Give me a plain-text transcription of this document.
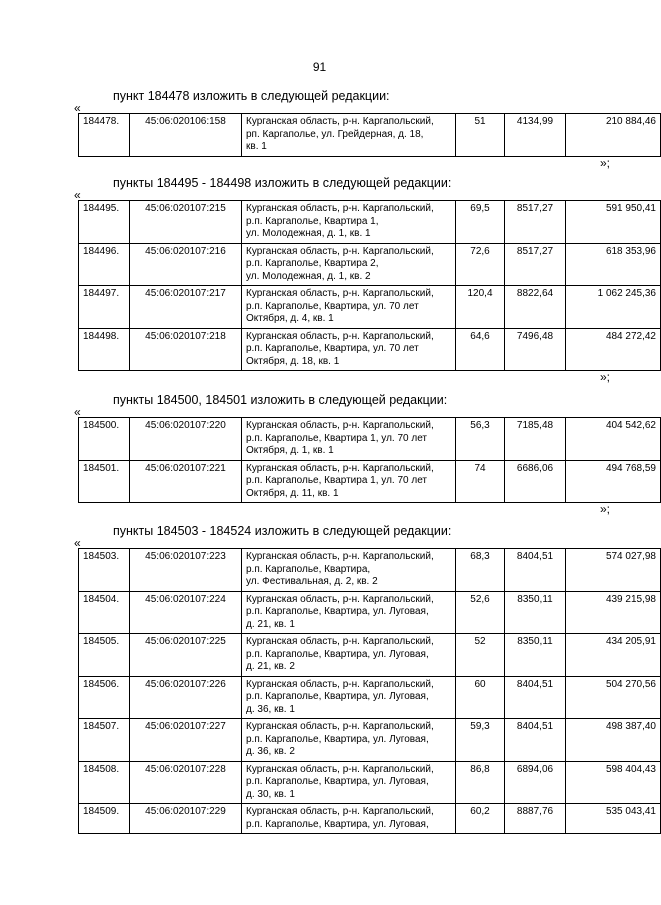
91
пункт 184478 изложить в следующей редакции:
«
184478.	45:06:020106:158	Курганская область, р-н. Каргапольский,
рп. Каргаполье, ул. Грейдерная, д. 18,
кв. 1
	51	4134,99	210 884,46
»;
пункты 184495 - 184498 изложить в следующей редакции:
«
184495.	45:06:020107:215	Курганская область, р-н. Каргапольский,
р.п. Каргаполье, Квартира 1,
ул. Молодежная, д. 1, кв. 1	69,5	8517,27	591 950,41
184496.	45:06:020107:216	Курганская область, р-н. Каргапольский,
р.п. Каргаполье, Квартира 2,
ул. Молодежная, д. 1, кв. 2	72,6	8517,27	618 353,96
184497.	45:06:020107:217	Курганская область, р-н. Каргапольский,
р.п. Каргаполье, Квартира, ул. 70 лет
Октября, д. 4, кв. 1	120,4	8822,64	1 062 245,36
184498.	45:06:020107:218	Курганская область, р-н. Каргапольский,
р.п. Каргаполье, Квартира, ул. 70 лет
Октября, д. 18, кв. 1	64,6	7496,48	484 272,42
»;
пункты 184500, 184501 изложить в следующей редакции:
«
184500.	45:06:020107:220	Курганская область, р-н. Каргапольский,
р.п. Каргаполье, Квартира 1, ул. 70 лет
Октября, д. 1, кв. 1	56,3	7185,48	404 542,62
184501.	45:06:020107:221	Курганская область, р-н. Каргапольский,
р.п. Каргаполье, Квартира 1, ул. 70 лет
Октября, д. 11, кв. 1	74	6686,06	494 768,59
»;
пункты 184503 - 184524 изложить в следующей редакции:
«
184503.	45:06:020107:223	Курганская область, р-н. Каргапольский,
р.п. Каргаполье, Квартира,
ул. Фестивальная, д. 2, кв. 2	68,3	8404,51	574 027,98
184504.	45:06:020107:224	Курганская область, р-н. Каргапольский,
р.п. Каргаполье, Квартира, ул. Луговая,
д. 21, кв. 1	52,6	8350,11	439 215,98
184505.	45:06:020107:225	Курганская область, р-н. Каргапольский,
р.п. Каргаполье, Квартира, ул. Луговая,
д. 21, кв. 2	52	8350,11	434 205,91
184506.	45:06:020107:226	Курганская область, р-н. Каргапольский,
р.п. Каргаполье, Квартира, ул. Луговая,
д. 36, кв. 1	60	8404,51	504 270,56
184507.	45:06:020107:227	Курганская область, р-н. Каргапольский,
р.п. Каргаполье, Квартира, ул. Луговая,
д. 36, кв. 2	59,3	8404,51	498 387,40
184508.	45:06:020107:228	Курганская область, р-н. Каргапольский,
р.п. Каргаполье, Квартира, ул. Луговая,
д. 30, кв. 1	86,8	6894,06	598 404,43
184509.	45:06:020107:229	Курганская область, р-н. Каргапольский,
р.п. Каргаполье, Квартира, ул. Луговая,	60,2	8887,76	535 043,41
